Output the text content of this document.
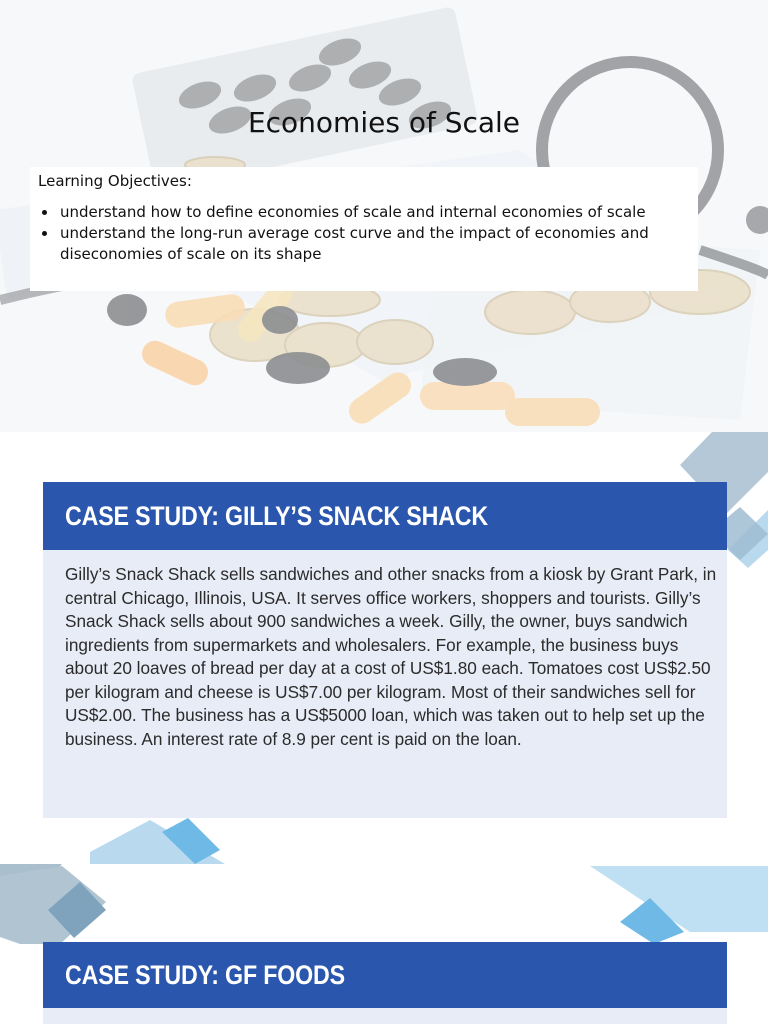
Economies of Scale
Learning Objectives:
• understand how to define economies of scale and internal economies of scale
• understand the long-run average cost curve and the impact of economies and diseconomies of scale on its shape
CASE STUDY: GILLY’S SNACK SHACK
Gilly’s Snack Shack sells sandwiches and other snacks from a kiosk by Grant Park, in central Chicago, Illinois, USA. It serves office workers, shoppers and tourists. Gilly’s Snack Shack sells about 900 sandwiches a week. Gilly, the owner, buys sandwich ingredients from supermarkets and wholesalers. For example, the business buys about 20 loaves of bread per day at a cost of US$1.80 each. Tomatoes cost US$2.50 per kilogram and cheese is US$7.00 per kilogram. Most of their sandwiches sell for US$2.00. The business has a US$5000 loan, which was taken out to help set up the business. An interest rate of 8.9 per cent is paid on the loan.
CASE STUDY: GF FOODS
